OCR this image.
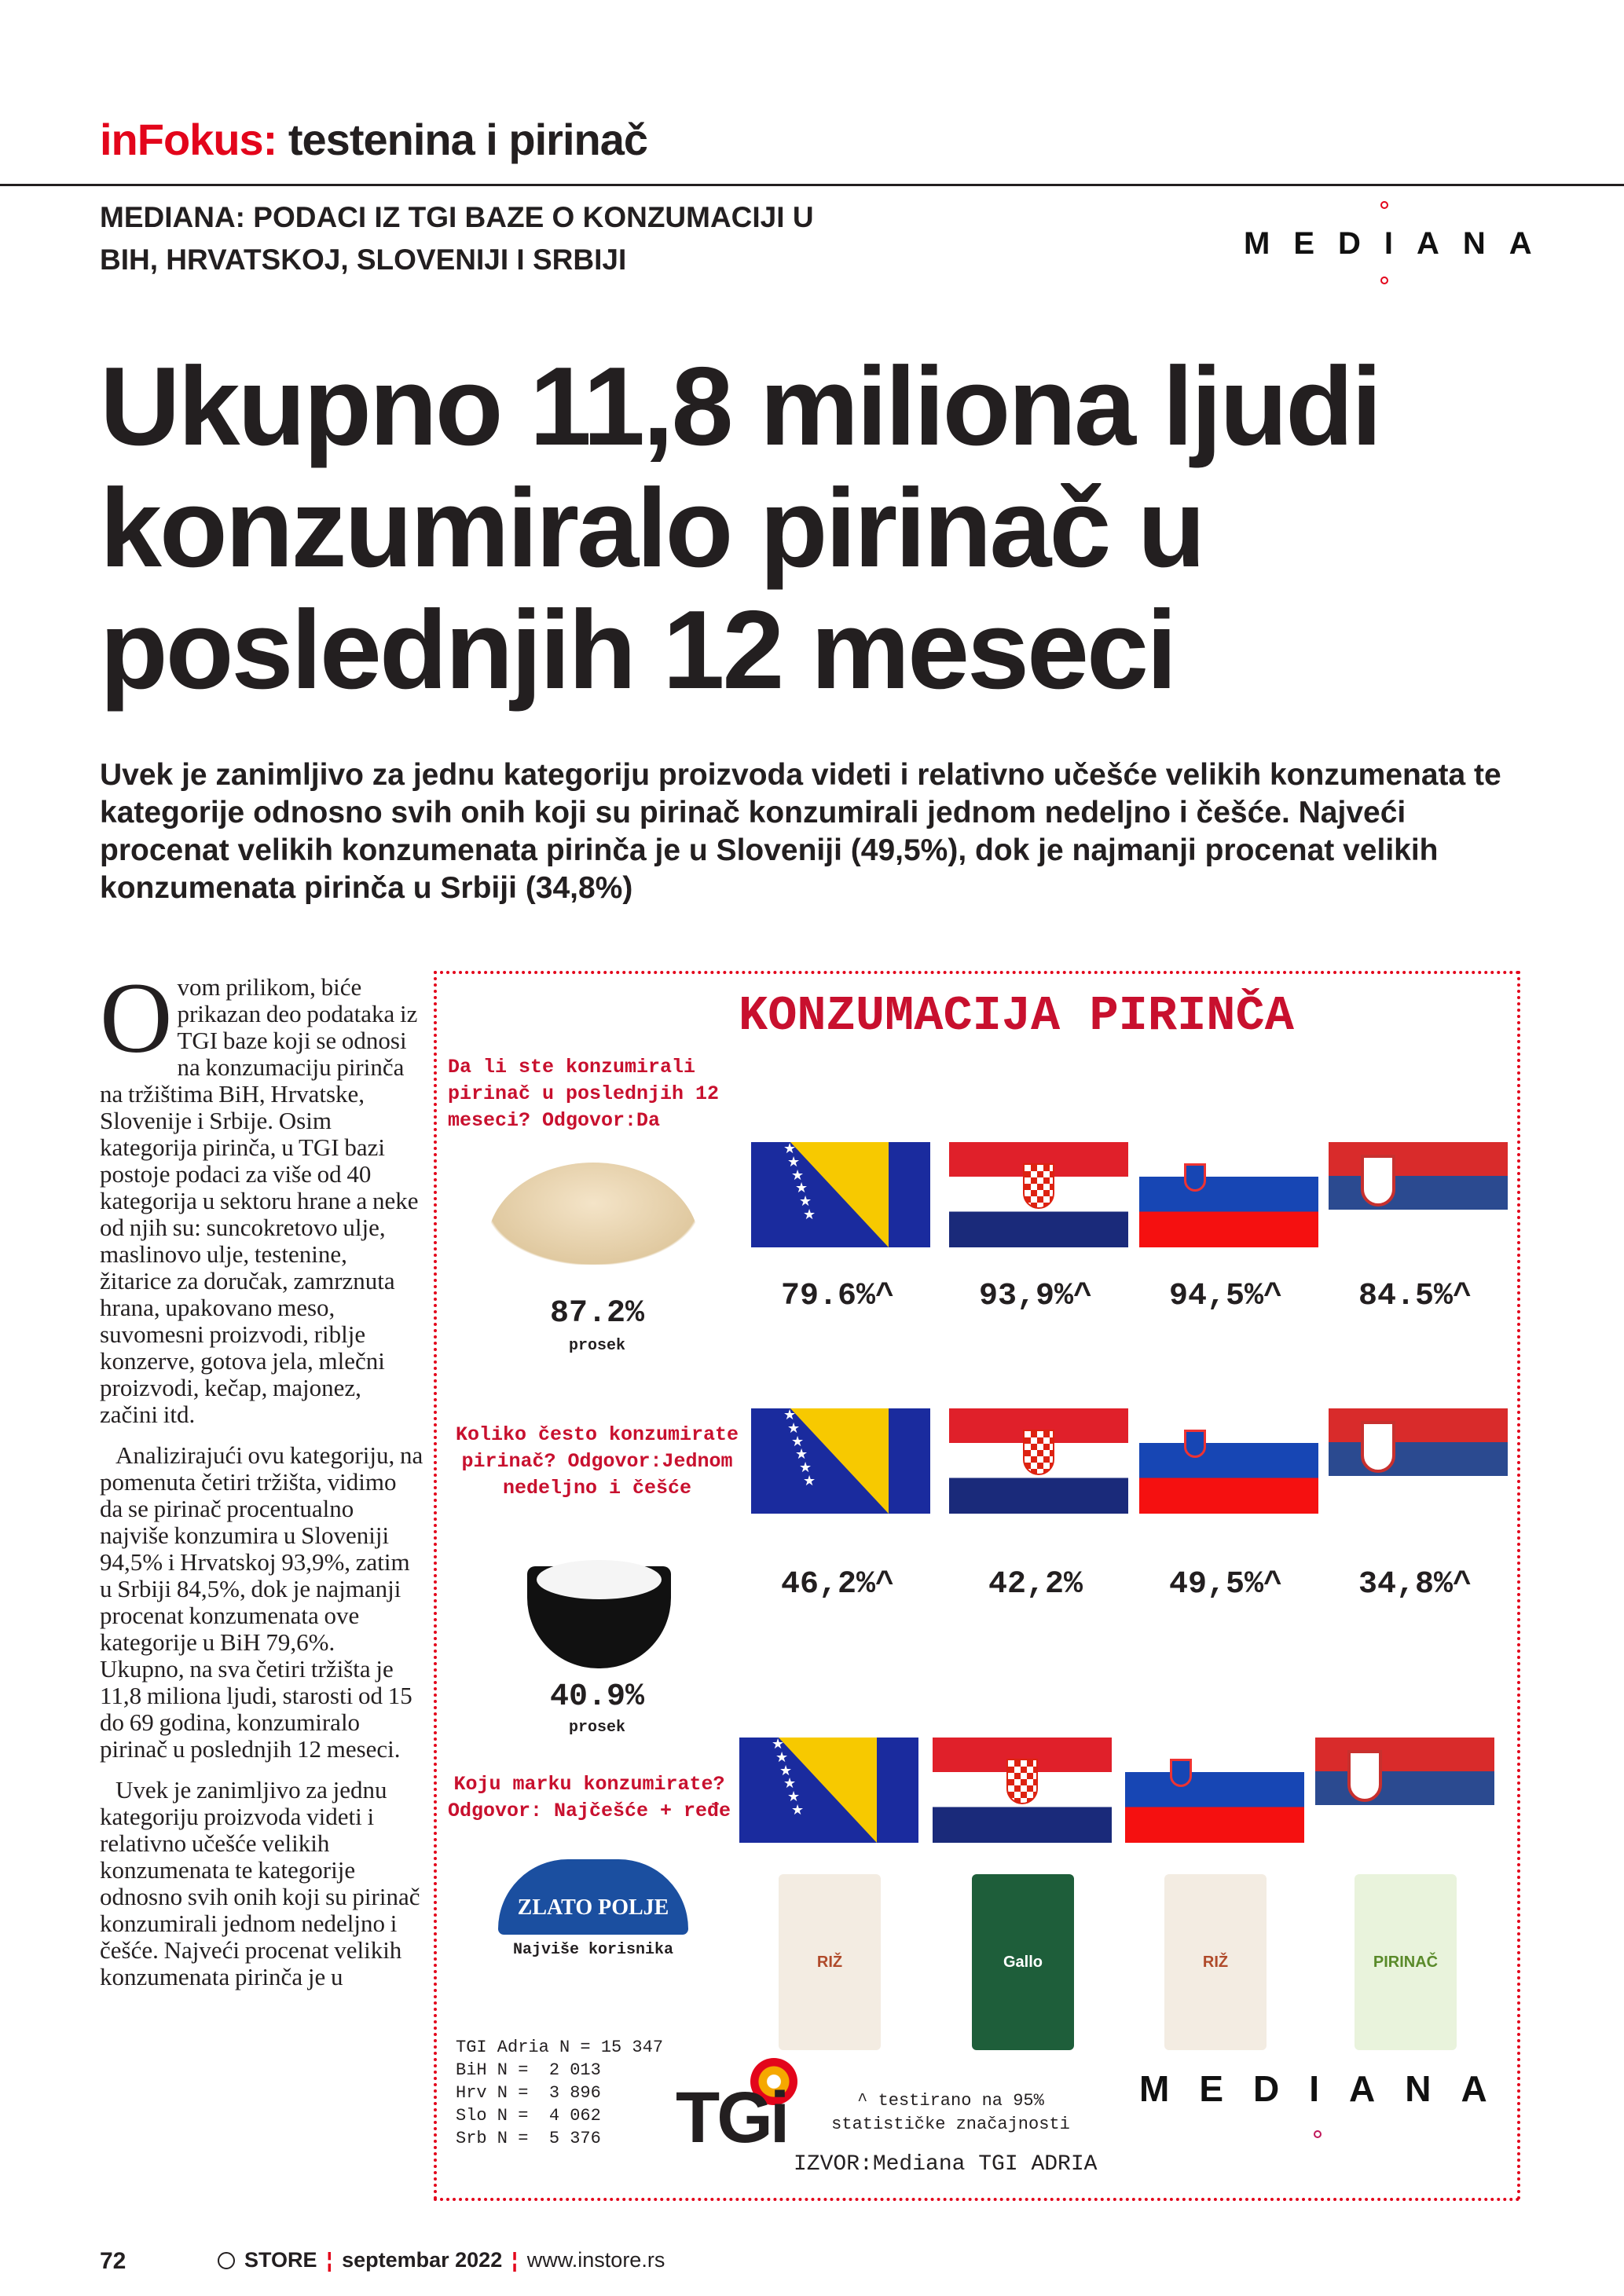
inFokus: testenina i pirinač
MEDIANA: PODACI IZ TGI BAZE O KONZUMACIJI U BIH, HRVATSKOJ, SLOVENIJI I SRBIJI	MEDIANA
Ukupno 11,8 miliona ljudi konzumiralo pirinač u poslednjih 12 meseci
Uvek je zanimljivo za jednu kategoriju proizvoda videti i relativno učešće velikih konzumenata te kategorije odnosno svih onih koji su pirinač konzumirali jednom nedeljno i češće. Najveći procenat velikih konzumenata pirinča je u Sloveniji (49,5%), dok je najmanji procenat velikih konzumenata pirinča u Srbiji (34,8%)

Ovom prilikom, biće prikazan deo podataka iz TGI baze koji se odnosi na konzumaciju pirinča na tržištima BiH, Hrvatske, Slovenije i Srbije. Osim kategorija pirinča, u TGI bazi postoje podaci za više od 40 kategorija u sektoru hrane a neke od njih su: suncokretovo ulje, maslinovo ulje, testenine, žitarice za doručak, zamrznuta hrana, upakovano meso, suvomesni proizvodi, riblje konzerve, gotova jela, mlečni proizvodi, kečap, majonez, začini itd.

Analizirajući ovu kategoriju, na pomenuta četiri tržišta, vidimo da se pirinač procentualno najviše konzumira u Sloveniji 94,5% i Hrvatskoj 93,9%, zatim u Srbiji 84,5%, dok je najmanji procenat konzumenata ove kategorije u BiH 79,6%. Ukupno, na sva četiri tržišta je 11,8 miliona ljudi, starosti od 15 do 69 godina, konzumiralo pirinač u poslednjih 12 meseci.

Uvek je zanimljivo za jednu kategoriju proizvoda videti i relativno učešće velikih konzumenata te kategorije odnosno svih onih koji su pirinač konzumirali jednom nedeljno i češće. Najveći procenat velikih konzumenata pirinča je u

KONZUMACIJA PIRINČA
Da li ste konzumirali pirinač u poslednjih 12 meseci? Odgovor:Da
87.2%
prosek
Koliko često konzumirate pirinač? Odgovor:Jednom nedeljno i češće
40.9%
prosek
Koju marku konzumirate? Odgovor: Najčešće + ređe
ZLATO POLJE
Najviše korisnika
TGI Adria N = 15 347
BiH N =  2 013
Hrv N =  3 896
Slo N =  4 062
Srb N =  5 376	TGi	^ testirano na 95% statističke značajnosti
IZVOR:Mediana TGI ADRIA
MEDIANA
72	STORE ¦ septembar 2022 ¦ www.instore.rs
★
★
★
★
★
★
★
★
★
★
★
★
★
★
★
★
★
★
79.6%^	93,9%^	94,5%^	84.5%^
46,2%^	42,2%	49,5%^	34,8%^
RIŽ	Gallo	RIŽ	PIRINAČ
